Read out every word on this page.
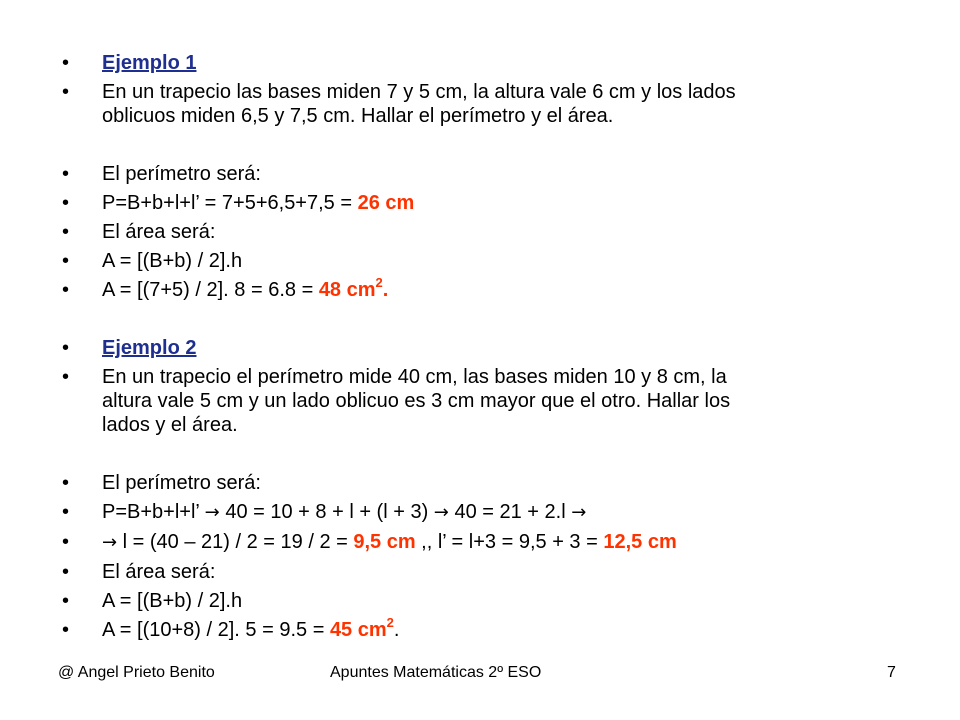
•	Ejemplo 1
•	En un trapecio las bases miden 7 y 5 cm, la altura vale 6 cm y los lados
oblicuos miden 6,5 y 7,5 cm. Hallar el perímetro y el área.
•	El perímetro será:
•	P=B+b+l+l’ = 7+5+6,5+7,5 = 26 cm
•	El área será:
•	A = [(B+b) / 2].h
•	A = [(7+5) / 2]. 8 = 6.8 = 48 $cm^2$.
•	Ejemplo 2
•	En un trapecio el perímetro mide 40 cm, las bases miden 10 y 8 cm, la
altura vale 5 cm y un lado oblicuo es 3 cm mayor que el otro. Hallar los
lados y el área.
•	El perímetro será:
•	P=B+b+l+l’ → 40 = 10 + 8 + l + (l + 3) → 40 = 21 + 2.l →
•	→ l = (40 – 21) / 2 = 19 / 2 = 9,5 cm ,, l’ = l+3 = 9,5 + 3 = 12,5 cm
•	El área será:
•	A = [(B+b) / 2].h
•	A = [(10+8) / 2]. 5 = 9.5 = 45 $cm^2$.
@ Angel Prieto Benito	Apuntes Matemáticas 2º ESO	7
